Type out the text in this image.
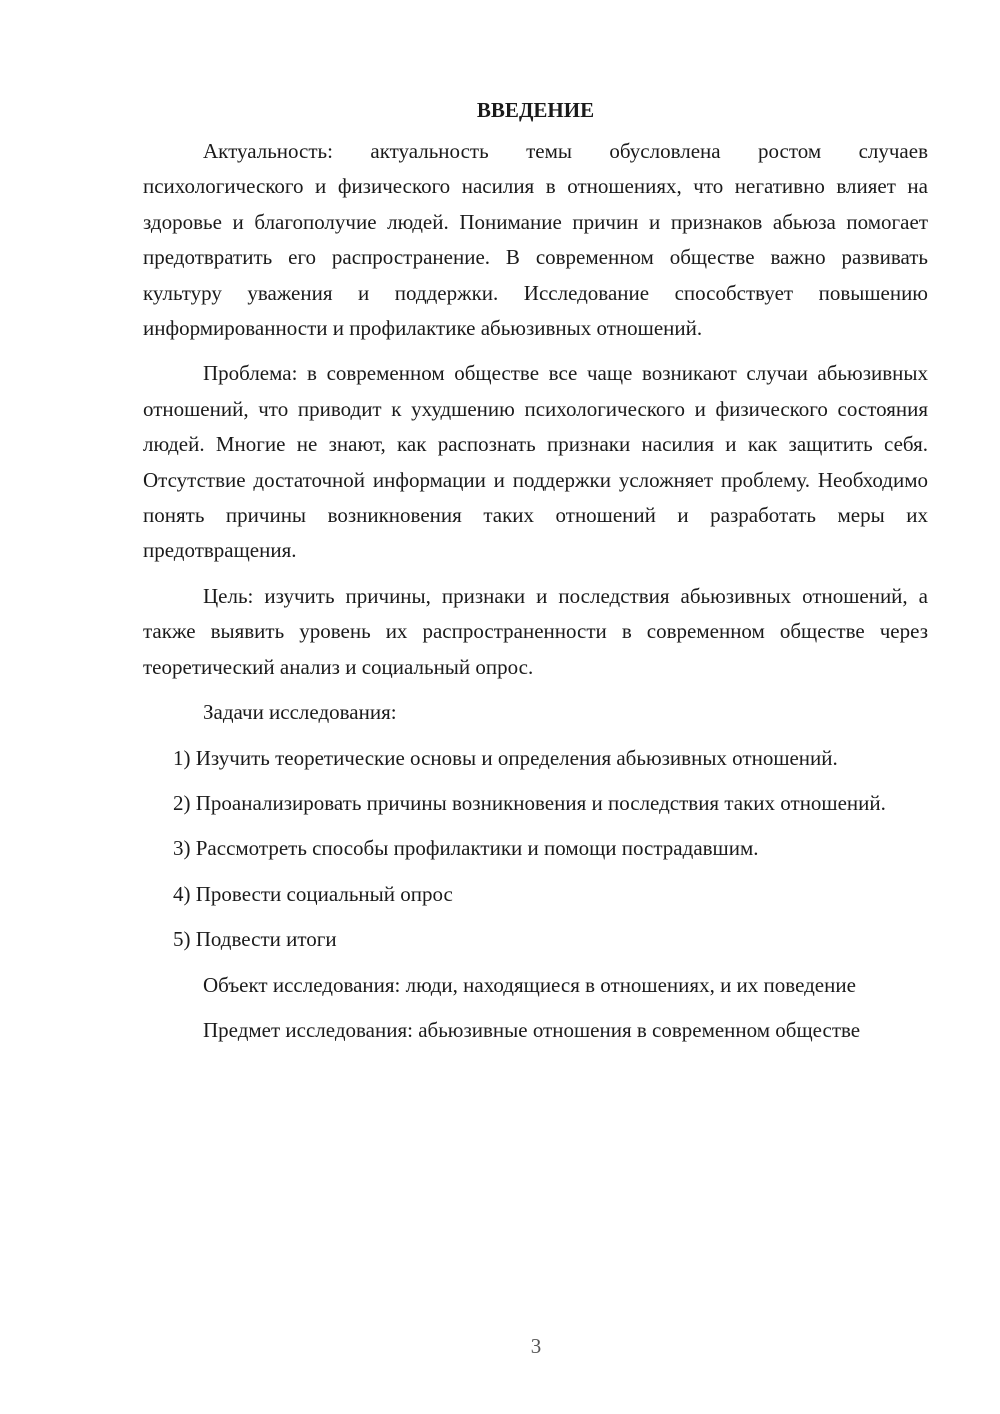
ВВЕДЕНИЕ

Актуальность: актуальность темы обусловлена ростом случаев психологического и физического насилия в отношениях, что негативно влияет на здоровье и благополучие людей. Понимание причин и признаков абьюза помогает предотвратить его распространение. В современном обществе важно развивать культуру уважения и поддержки. Исследование способствует повышению информированности и профилактике абьюзивных отношений.

Проблема: в современном обществе все чаще возникают случаи абьюзивных отношений, что приводит к ухудшению психологического и физического состояния людей. Многие не знают, как распознать признаки насилия и как защитить себя. Отсутствие достаточной информации и поддержки усложняет проблему. Необходимо понять причины возникновения таких отношений и разработать меры их предотвращения.

Цель: изучить причины, признаки и последствия абьюзивных отношений, а также выявить уровень их распространенности в современном обществе через теоретический анализ и социальный опрос.

Задачи исследования:

1) Изучить теоретические основы и определения абьюзивных отношений.

2) Проанализировать причины возникновения и последствия таких отношений.

3) Рассмотреть способы профилактики и помощи пострадавшим.

4) Провести социальный опрос

5) Подвести итоги

Объект исследования: люди, находящиеся в отношениях, и их поведение

Предмет исследования: абьюзивные отношения в современном обществе

3
